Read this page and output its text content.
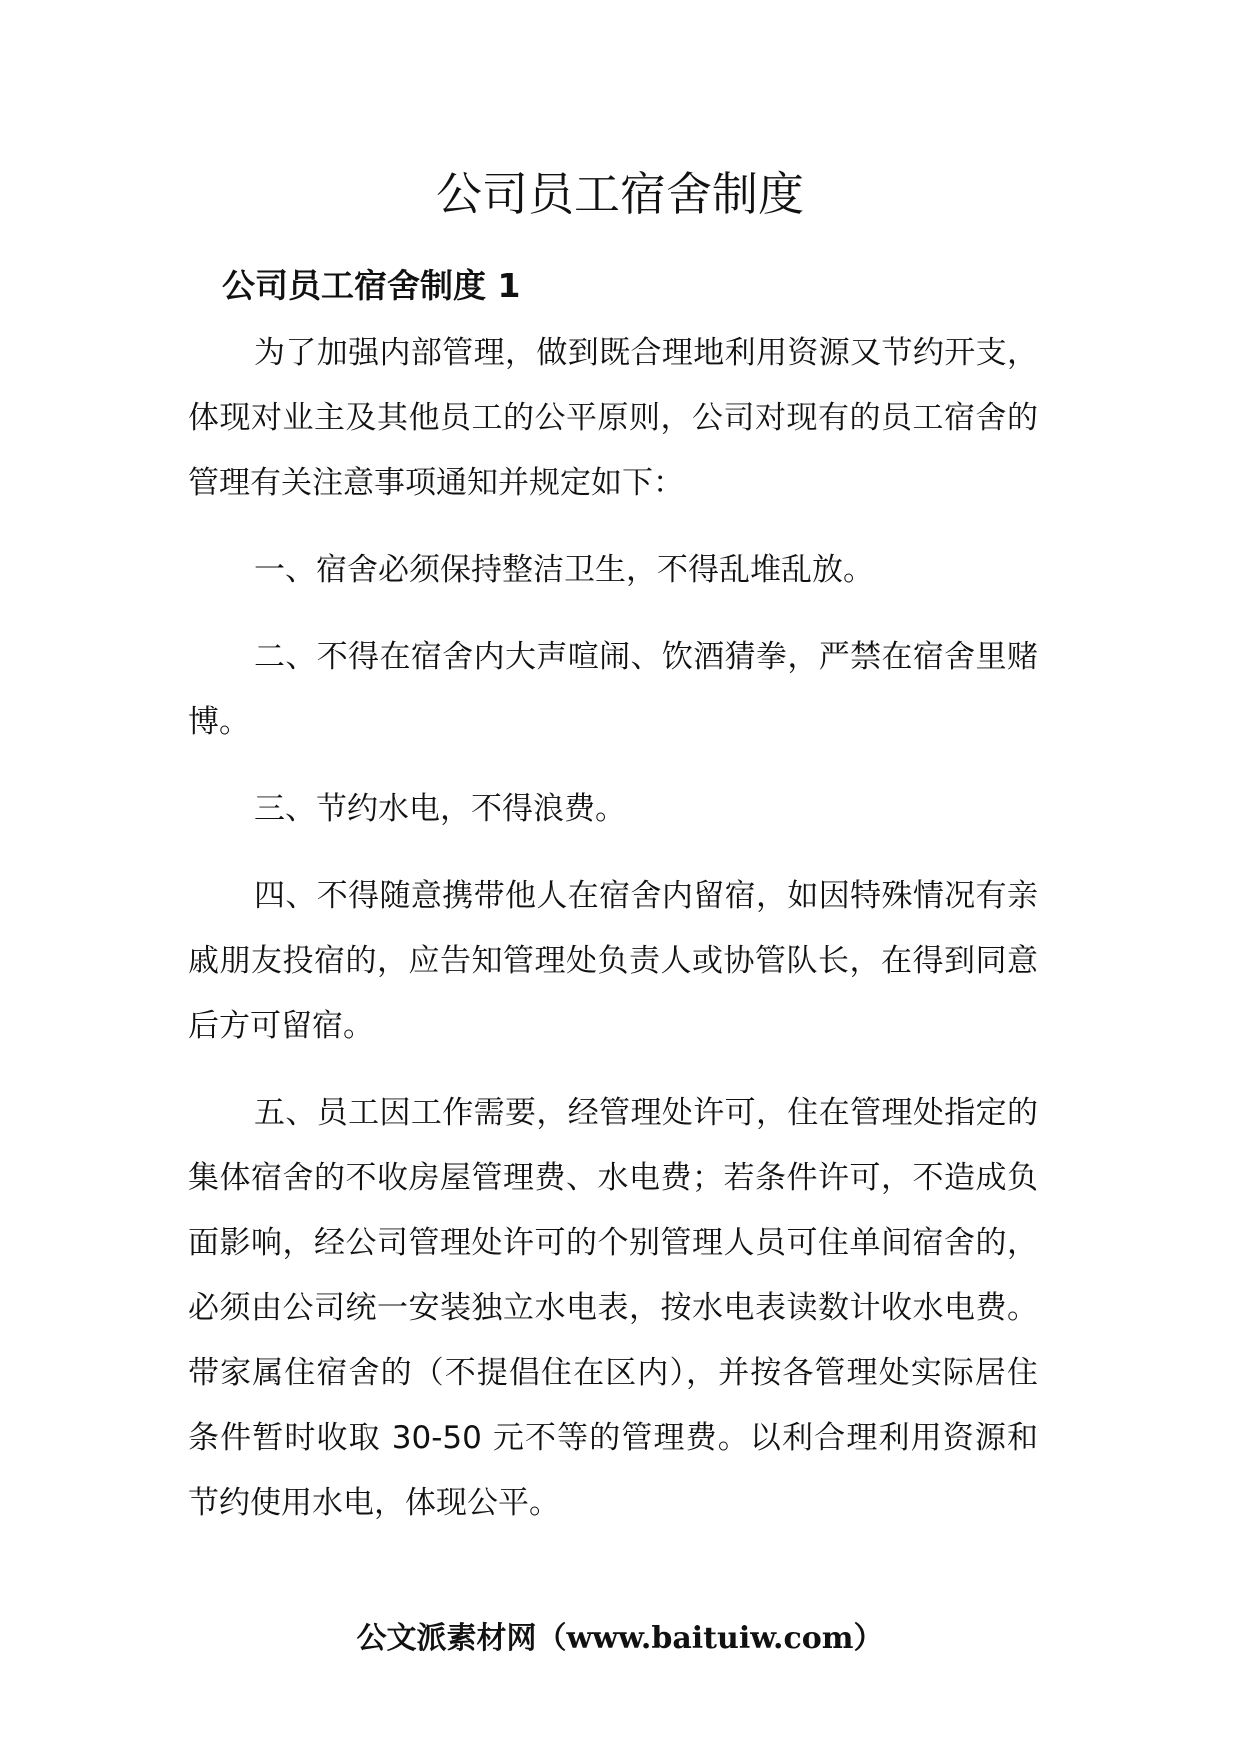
公司员工宿舍制度
公司员工宿舍制度 1

为了加强内部管理，做到既合理地利用资源又节约开支，体现对业主及其他员工的公平原则，公司对现有的员工宿舍的管理有关注意事项通知并规定如下：

一、宿舍必须保持整洁卫生，不得乱堆乱放。

二、不得在宿舍内大声喧闹、饮酒猜拳，严禁在宿舍里赌博。

三、节约水电，不得浪费。

四、不得随意携带他人在宿舍内留宿，如因特殊情况有亲戚朋友投宿的，应告知管理处负责人或协管队长，在得到同意后方可留宿。

五、员工因工作需要，经管理处许可，住在管理处指定的集体宿舍的不收房屋管理费、水电费；若条件许可，不造成负面影响，经公司管理处许可的个别管理人员可住单间宿舍的，必须由公司统一安装独立水电表，按水电表读数计收水电费。带家属住宿舍的（不提倡住在区内），并按各管理处实际居住条件暂时收取 30-50 元不等的管理费。以利合理利用资源和节约使用水电，体现公平。

公文派素材网（www.baituiw.com）
